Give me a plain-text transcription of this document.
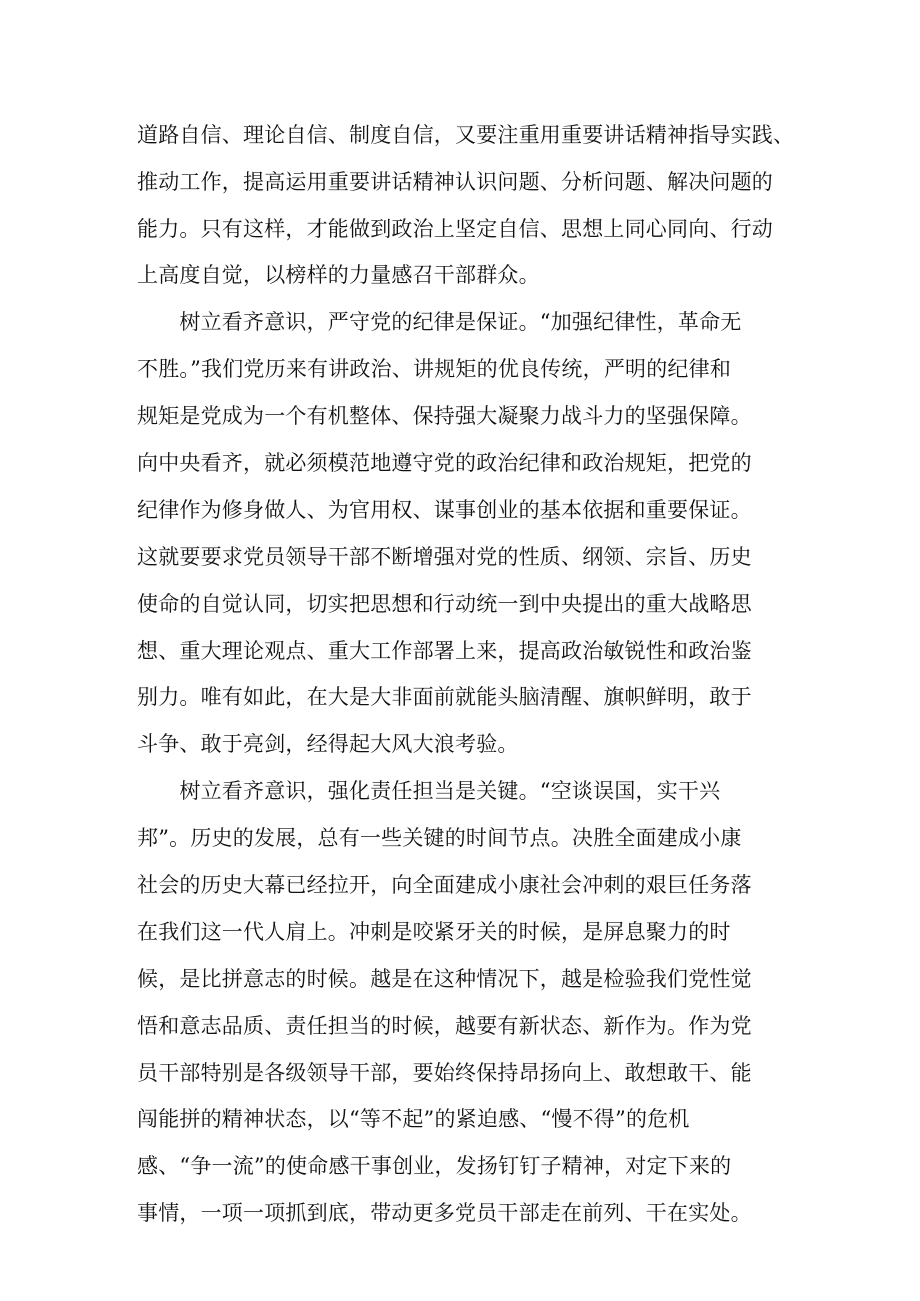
道路自信、理论自信、制度自信，又要注重用重要讲话精神指导实践、
推动工作，提高运用重要讲话精神认识问题、分析问题、解决问题的
能力。只有这样，才能做到政治上坚定自信、思想上同心同向、行动
上高度自觉，以榜样的力量感召干部群众。
　　树立看齐意识，严守党的纪律是保证。“加强纪律性，革命无
不胜。”我们党历来有讲政治、讲规矩的优良传统，严明的纪律和
规矩是党成为一个有机整体、保持强大凝聚力战斗力的坚强保障。
向中央看齐，就必须模范地遵守党的政治纪律和政治规矩，把党的
纪律作为修身做人、为官用权、谋事创业的基本依据和重要保证。
这就要要求党员领导干部不断增强对党的性质、纲领、宗旨、历史
使命的自觉认同，切实把思想和行动统一到中央提出的重大战略思
想、重大理论观点、重大工作部署上来，提高政治敏锐性和政治鉴
别力。唯有如此，在大是大非面前就能头脑清醒、旗帜鲜明，敢于
斗争、敢于亮剑，经得起大风大浪考验。
　　树立看齐意识，强化责任担当是关键。“空谈误国，实干兴
邦”。历史的发展，总有一些关键的时间节点。决胜全面建成小康
社会的历史大幕已经拉开，向全面建成小康社会冲刺的艰巨任务落
在我们这一代人肩上。冲刺是咬紧牙关的时候，是屏息聚力的时
候，是比拼意志的时候。越是在这种情况下，越是检验我们党性觉
悟和意志品质、责任担当的时候，越要有新状态、新作为。作为党
员干部特别是各级领导干部，要始终保持昂扬向上、敢想敢干、能
闯能拼的精神状态，以“等不起”的紧迫感、“慢不得”的危机
感、“争一流”的使命感干事创业，发扬钉钉子精神，对定下来的
事情，一项一项抓到底，带动更多党员干部走在前列、干在实处。
